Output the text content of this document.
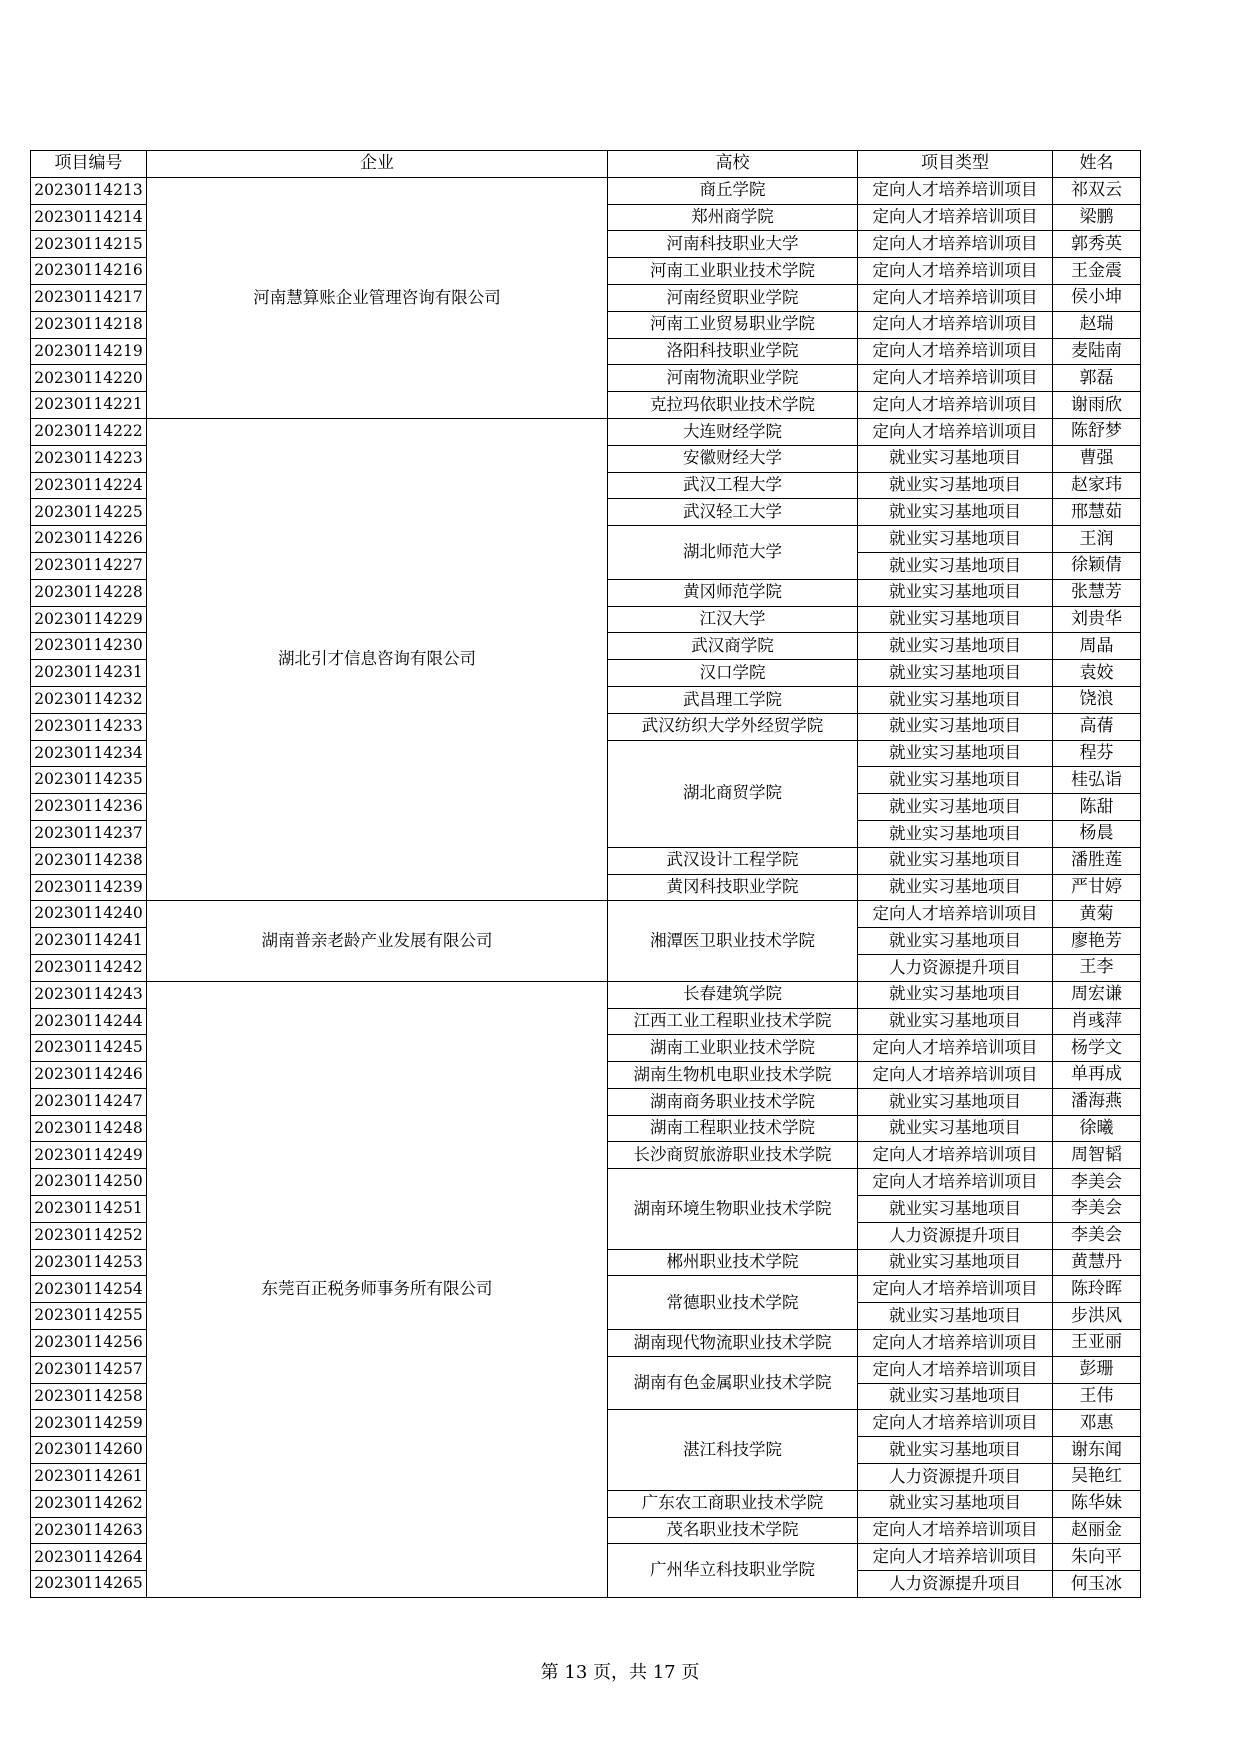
项目编号	企业	高校	项目类型	姓名
20230114213	河南慧算账企业管理咨询有限公司	商丘学院	定向人才培养培训项目	祁双云
20230114214		郑州商学院	定向人才培养培训项目	梁鹏
20230114215		河南科技职业大学	定向人才培养培训项目	郭秀英
20230114216		河南工业职业技术学院	定向人才培养培训项目	王金震
20230114217		河南经贸职业学院	定向人才培养培训项目	侯小坤
20230114218		河南工业贸易职业学院	定向人才培养培训项目	赵瑞
20230114219		洛阳科技职业学院	定向人才培养培训项目	麦陆南
20230114220		河南物流职业学院	定向人才培养培训项目	郭磊
20230114221		克拉玛依职业技术学院	定向人才培养培训项目	谢雨欣
20230114222	湖北引才信息咨询有限公司	大连财经学院	定向人才培养培训项目	陈舒梦
20230114223		安徽财经大学	就业实习基地项目	曹强
20230114224		武汉工程大学	就业实习基地项目	赵家玮
20230114225		武汉轻工大学	就业实习基地项目	邢慧茹
20230114226		湖北师范大学	就业实习基地项目	王润
20230114227			就业实习基地项目	徐颖倩
20230114228		黄冈师范学院	就业实习基地项目	张慧芳
20230114229		江汉大学	就业实习基地项目	刘贵华
20230114230		武汉商学院	就业实习基地项目	周晶
20230114231		汉口学院	就业实习基地项目	袁姣
20230114232		武昌理工学院	就业实习基地项目	饶浪
20230114233		武汉纺织大学外经贸学院	就业实习基地项目	高蒨
20230114234		湖北商贸学院	就业实习基地项目	程芬
20230114235			就业实习基地项目	桂弘诣
20230114236			就业实习基地项目	陈甜
20230114237			就业实习基地项目	杨晨
20230114238		武汉设计工程学院	就业实习基地项目	潘胜莲
20230114239		黄冈科技职业学院	就业实习基地项目	严甘婷
20230114240	湖南普亲老龄产业发展有限公司	湘潭医卫职业技术学院	定向人才培养培训项目	黄菊
20230114241			就业实习基地项目	廖艳芳
20230114242			人力资源提升项目	王李
20230114243	东莞百正税务师事务所有限公司	长春建筑学院	就业实习基地项目	周宏谦
20230114244		江西工业工程职业技术学院	就业实习基地项目	肖彧萍
20230114245		湖南工业职业技术学院	定向人才培养培训项目	杨学文
20230114246		湖南生物机电职业技术学院	定向人才培养培训项目	单再成
20230114247		湖南商务职业技术学院	就业实习基地项目	潘海燕
20230114248		湖南工程职业技术学院	就业实习基地项目	徐曦
20230114249		长沙商贸旅游职业技术学院	定向人才培养培训项目	周智韬
20230114250		湖南环境生物职业技术学院	定向人才培养培训项目	李美会
20230114251			就业实习基地项目	李美会
20230114252			人力资源提升项目	李美会
20230114253		郴州职业技术学院	就业实习基地项目	黄慧丹
20230114254		常德职业技术学院	定向人才培养培训项目	陈玲晖
20230114255			就业实习基地项目	步洪风
20230114256		湖南现代物流职业技术学院	定向人才培养培训项目	王亚丽
20230114257		湖南有色金属职业技术学院	定向人才培养培训项目	彭珊
20230114258			就业实习基地项目	王伟
20230114259		湛江科技学院	定向人才培养培训项目	邓惠
20230114260			就业实习基地项目	谢东闻
20230114261			人力资源提升项目	吴艳红
20230114262		广东农工商职业技术学院	就业实习基地项目	陈华妹
20230114263		茂名职业技术学院	定向人才培养培训项目	赵丽金
20230114264		广州华立科技职业学院	定向人才培养培训项目	朱向平
20230114265			人力资源提升项目	何玉冰
第 13 页，共 17 页
